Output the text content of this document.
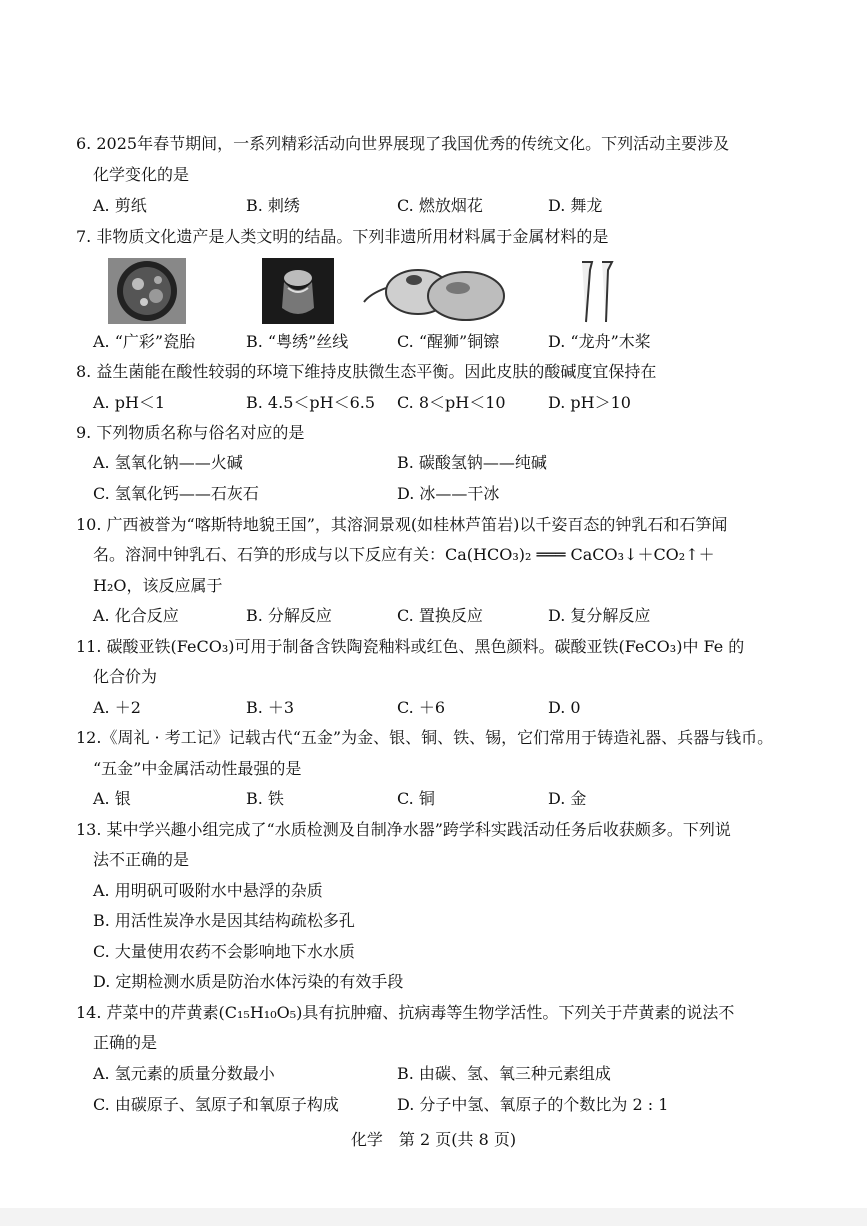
6. 2025年春节期间，一系列精彩活动向世界展现了我国优秀的传统文化。下列活动主要涉及
化学变化的是
A. 剪纸	B. 刺绣	C. 燃放烟花	D. 舞龙
7. 非物质文化遗产是人类文明的结晶。下列非遗所用材料属于金属材料的是
A. “广彩”瓷胎	B. “粤绣”丝线	C. “醒狮”铜镲	D. “龙舟”木桨
8. 益生菌能在酸性较弱的环境下维持皮肤微生态平衡。因此皮肤的酸碱度宜保持在
A. pH＜1	B. 4.5＜pH＜6.5 C. 8＜pH＜10	D. pH＞10
9. 下列物质名称与俗名对应的是
A. 氢氧化钠——火碱	B. 碳酸氢钠——纯碱
C. 氢氧化钙——石灰石	D. 冰——干冰
10. 广西被誉为“喀斯特地貌王国”，其溶洞景观(如桂林芦笛岩)以千姿百态的钟乳石和石笋闻
名。溶洞中钟乳石、石笋的形成与以下反应有关：Ca(HCO₃)₂ ═══ CaCO₃↓＋CO₂↑＋
H₂O，该反应属于
A. 化合反应	B. 分解反应	C. 置换反应	D. 复分解反应
11. 碳酸亚铁(FeCO₃)可用于制备含铁陶瓷釉料或红色、黑色颜料。碳酸亚铁(FeCO₃)中 Fe 的
化合价为
A. ＋2	B. ＋3	C. ＋6	D. 0
12.《周礼 · 考工记》记载古代“五金”为金、银、铜、铁、锡，它们常用于铸造礼器、兵器与钱币。
“五金”中金属活动性最强的是
A. 银	B. 铁	C. 铜	D. 金
13. 某中学兴趣小组完成了“水质检测及自制净水器”跨学科实践活动任务后收获颇多。下列说
法不正确的是
A. 用明矾可吸附水中悬浮的杂质
B. 用活性炭净水是因其结构疏松多孔
C. 大量使用农药不会影响地下水水质
D. 定期检测水质是防治水体污染的有效手段
14. 芹菜中的芹黄素(C₁₅H₁₀O₅)具有抗肿瘤、抗病毒等生物学活性。下列关于芹黄素的说法不
正确的是
A. 氢元素的质量分数最小	B. 由碳、氢、氧三种元素组成
C. 由碳原子、氢原子和氧原子构成	D. 分子中氢、氧原子的个数比为 2 : 1
化学　第 2 页(共 8 页)
